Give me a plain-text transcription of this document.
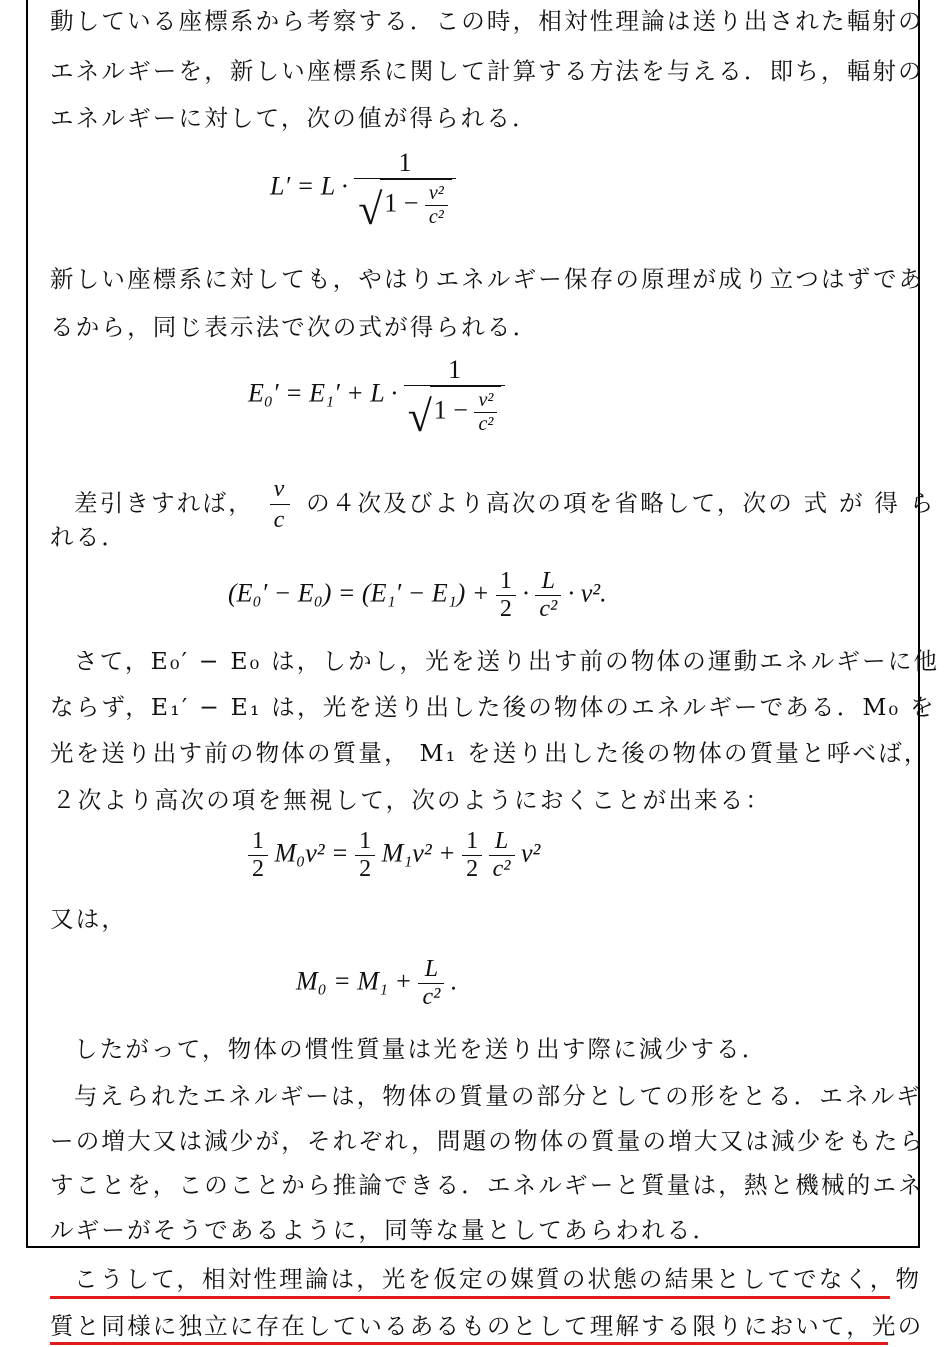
動している座標系から考察する．この時，相対性理論は送り出された輻射の
エネルギーを，新しい座標系に関して計算する方法を与える．即ち，輻射の
エネルギーに対して，次の値が得られる．
L′ = L · 1
√ $1 - \frac{\text{v²}}{\text{c²}}$
新しい座標系に対しても，やはりエネルギー保存の原理が成り立つはずであ
るから，同じ表示法で次の式が得られる．
E₀′ = E₁′ + L · 1
√ $1 - \frac{\text{v²}}{\text{c²}}$
差引きすれば， $\frac{v}{c}$ の４次及びより高次の項を省略して，次の 式 が 得 ら
れる．
$(E_0' - E_0) = (E_1' - E_1) + \frac{1}{2} \cdot \frac{L}{\text{c²}} \cdot v^2$.
さて，E₀′ − E₀ は，しかし，光を送り出す前の物体の運動エネルギーに他
ならず，E₁′ − E₁ は，光を送り出した後の物体のエネルギーである．M₀ を
光を送り出す前の物体の質量， M₁ を送り出した後の物体の質量と呼べば，
２次より高次の項を無視して，次のようにおくことが出来る：
$\frac{1}{2} M_0v^2 = \frac{1}{2} M_1v^2 + \frac{1}{2}$
$\frac{L}{\text{c²}} v^2$
又は，
$M_0 = M_1 + \frac{L}{\text{c²}}$ .
したがって，物体の慣性質量は光を送り出す際に減少する．
与えられたエネルギーは，物体の質量の部分としての形をとる．エネルギ
ーの増大又は減少が，それぞれ，問題の物体の質量の増大又は減少をもたら
すことを，このことから推論できる．エネルギーと質量は，熱と機械的エネ
ルギーがそうであるように，同等な量としてあらわれる．
こうして，相対性理論は，光を仮定の媒質の状態の結果としてでなく，物
質と同様に独立に存在しているあるものとして理解する限りにおいて，光の
